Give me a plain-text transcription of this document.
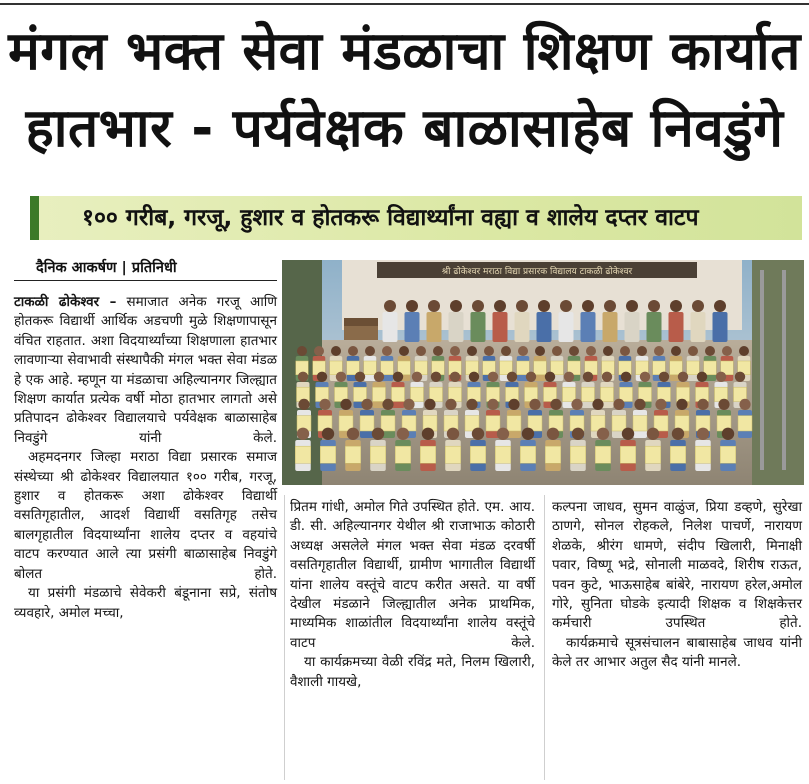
मंगल भक्त सेवा मंडळाचा शिक्षण कार्यात
हातभार - पर्यवेक्षक बाळासाहेब निवडुंगे
१०० गरीब, गरजू, हुशार व होतकरू विद्यार्थ्यांना वह्या व शालेय दप्तर वाटप
दैनिक आकर्षण | प्रतिनिधी

टाकळी ढोकेश्वर – समाजात अनेक गरजू आणि होतकरू विद्यार्थी आर्थिक अडचणी मुळे शिक्षणापासून वंचित राहतात. अशा विदयार्थ्यांच्या शिक्षणाला हातभार लावणाऱ्या सेवाभावी संस्थापैकी मंगल भक्त सेवा मंडळ हे एक आहे. म्हणून या मंडळाचा अहिल्यानगर जिल्ह्यात शिक्षण कार्यात प्रत्येक वर्षी मोठा हातभार लागतो असे प्रतिपादन ढोकेश्वर विद्यालयाचे पर्यवेक्षक बाळासाहेब निवडुंगे यांनी केले.

अहमदनगर जिल्हा मराठा विद्या प्रसारक समाज संस्थेच्या श्री ढोकेश्वर विद्यालयात १०० गरीब, गरजू, हुशार व होतकरू अशा ढोकेश्वर विद्यार्थी वसतिगृहातील, आदर्श विद्यार्थी वसतिगृह तसेच बालगृहातील विदयार्थ्यांना शालेय दप्तर व वहयांचे वाटप करण्यात आले त्या प्रसंगी बाळासाहेब निवडुंगे बोलत होते.

या प्रसंगी मंडळाचे सेवेकरी बंडूनाना सप्रे, संतोष व्यवहारे, अमोल मच्चा,

प्रितम गांधी, अमोल गिते उपस्थित होते. एम. आय. डी. सी. अहिल्यानगर येथील श्री राजाभाऊ कोठारी अध्यक्ष असलेले मंगल भक्त सेवा मंडळ दरवर्षी वसतिगृहातील विद्यार्थी, ग्रामीण भागातील विद्यार्थी यांना शालेय वस्तूंचे वाटप करीत असते. या वर्षी देखील मंडळाने जिल्ह्यातील अनेक प्राथमिक, माध्यमिक शाळांतील विदयार्थ्यांना शालेय वस्तूंचे वाटप केले.

या कार्यक्रमच्या वेळी रविंद्र मते, निलम खिलारी, वैशाली गायखे,

कल्पना जाधव, सुमन वाळुंज, प्रिया डव्हणे, सुरेखा ठाणगे, सोनल रोहकले, निलेश पाचर्णे, नारायण शेळके, श्रीरंग धामणे, संदीप खिलारी, मिनाक्षी पवार, विष्णू भद्रे, सोनाली माळवदे, शिरीष राऊत, पवन कुटे, भाऊसाहेब बांबेरे, नारायण हरेल,अमोल गोरे, सुनिता घोडके इत्यादी शिक्षक व शिक्षकेत्तर कर्मचारी उपस्थित होते.

कार्यक्रमाचे सूत्रसंचालन बाबासाहेब जाधव यांनी केले तर आभार अतुल सैद यांनी मानले.

श्री ढोकेश्वर मराठा विद्या प्रसारक विद्यालय टाकळी ढोकेश्वर
